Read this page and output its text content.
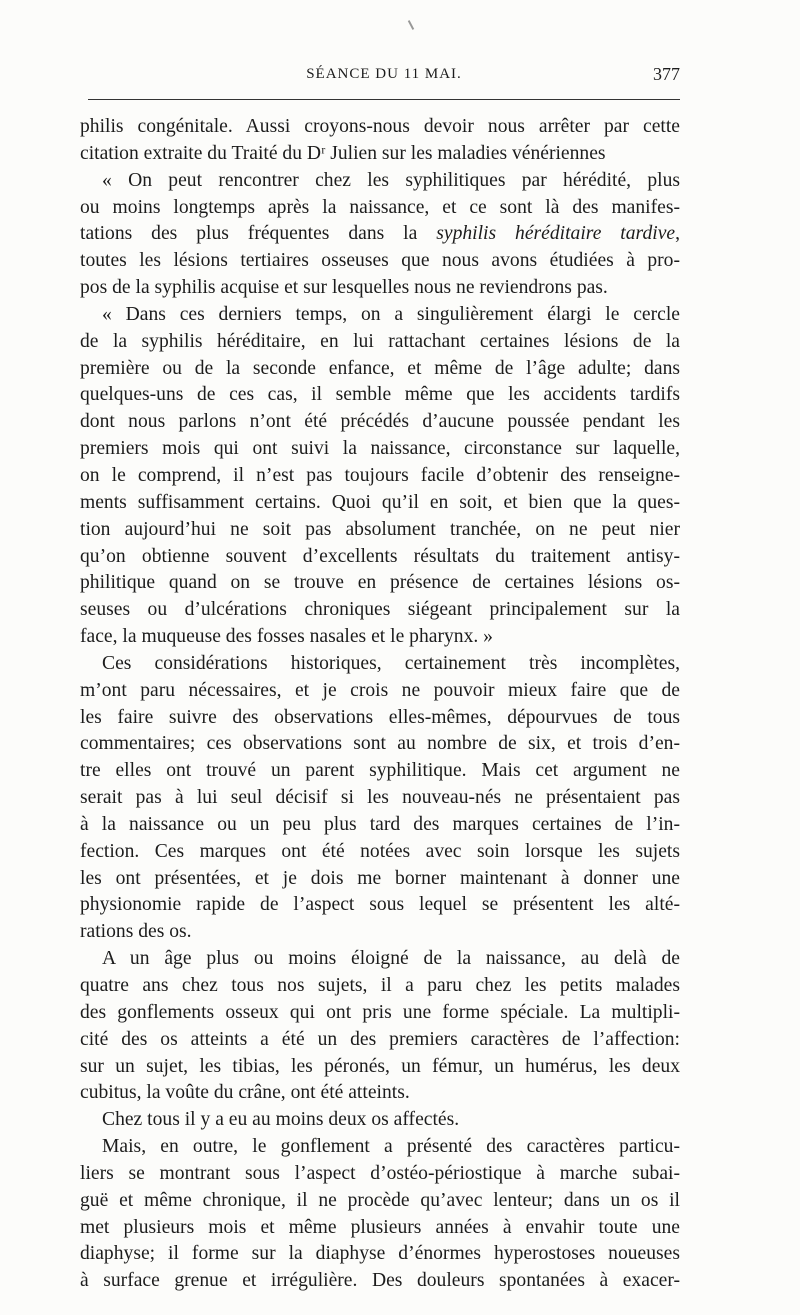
SÉANCE DU 11 MAI.	377
philis congénitale. Aussi croyons-nous devoir nous arrêter par cette
citation extraite du Traité du Dʳ Julien sur les maladies vénériennes
« On peut rencontrer chez les syphilitiques par hérédité, plus
ou moins longtemps après la naissance, et ce sont là des manifes-
tations des plus fréquentes dans la syphilis héréditaire tardive,
toutes les lésions tertiaires osseuses que nous avons étudiées à pro-
pos de la syphilis acquise et sur lesquelles nous ne reviendrons pas.
« Dans ces derniers temps, on a singulièrement élargi le cercle
de la syphilis héréditaire, en lui rattachant certaines lésions de la
première ou de la seconde enfance, et même de l’âge adulte; dans
quelques-uns de ces cas, il semble même que les accidents tardifs
dont nous parlons n’ont été précédés d’aucune poussée pendant les
premiers mois qui ont suivi la naissance, circonstance sur laquelle,
on le comprend, il n’est pas toujours facile d’obtenir des renseigne-
ments suffisamment certains. Quoi qu’il en soit, et bien que la ques-
tion aujourd’hui ne soit pas absolument tranchée, on ne peut nier
qu’on obtienne souvent d’excellents résultats du traitement antisy-
philitique quand on se trouve en présence de certaines lésions os-
seuses ou d’ulcérations chroniques siégeant principalement sur la
face, la muqueuse des fosses nasales et le pharynx. »
Ces considérations historiques, certainement très incomplètes,
m’ont paru nécessaires, et je crois ne pouvoir mieux faire que de
les faire suivre des observations elles-mêmes, dépourvues de tous
commentaires; ces observations sont au nombre de six, et trois d’en-
tre elles ont trouvé un parent syphilitique. Mais cet argument ne
serait pas à lui seul décisif si les nouveau-nés ne présentaient pas
à la naissance ou un peu plus tard des marques certaines de l’in-
fection. Ces marques ont été notées avec soin lorsque les sujets
les ont présentées, et je dois me borner maintenant à donner une
physionomie rapide de l’aspect sous lequel se présentent les alté-
rations des os.
A un âge plus ou moins éloigné de la naissance, au delà de
quatre ans chez tous nos sujets, il a paru chez les petits malades
des gonflements osseux qui ont pris une forme spéciale. La multipli-
cité des os atteints a été un des premiers caractères de l’affection:
sur un sujet, les tibias, les péronés, un fémur, un humérus, les deux
cubitus, la voûte du crâne, ont été atteints.
Chez tous il y a eu au moins deux os affectés.
Mais, en outre, le gonflement a présenté des caractères particu-
liers se montrant sous l’aspect d’ostéo-périostique à marche subai-
guë et même chronique, il ne procède qu’avec lenteur; dans un os il
met plusieurs mois et même plusieurs années à envahir toute une
diaphyse; il forme sur la diaphyse d’énormes hyperostoses noueuses
à surface grenue et irrégulière. Des douleurs spontanées à exacer-
